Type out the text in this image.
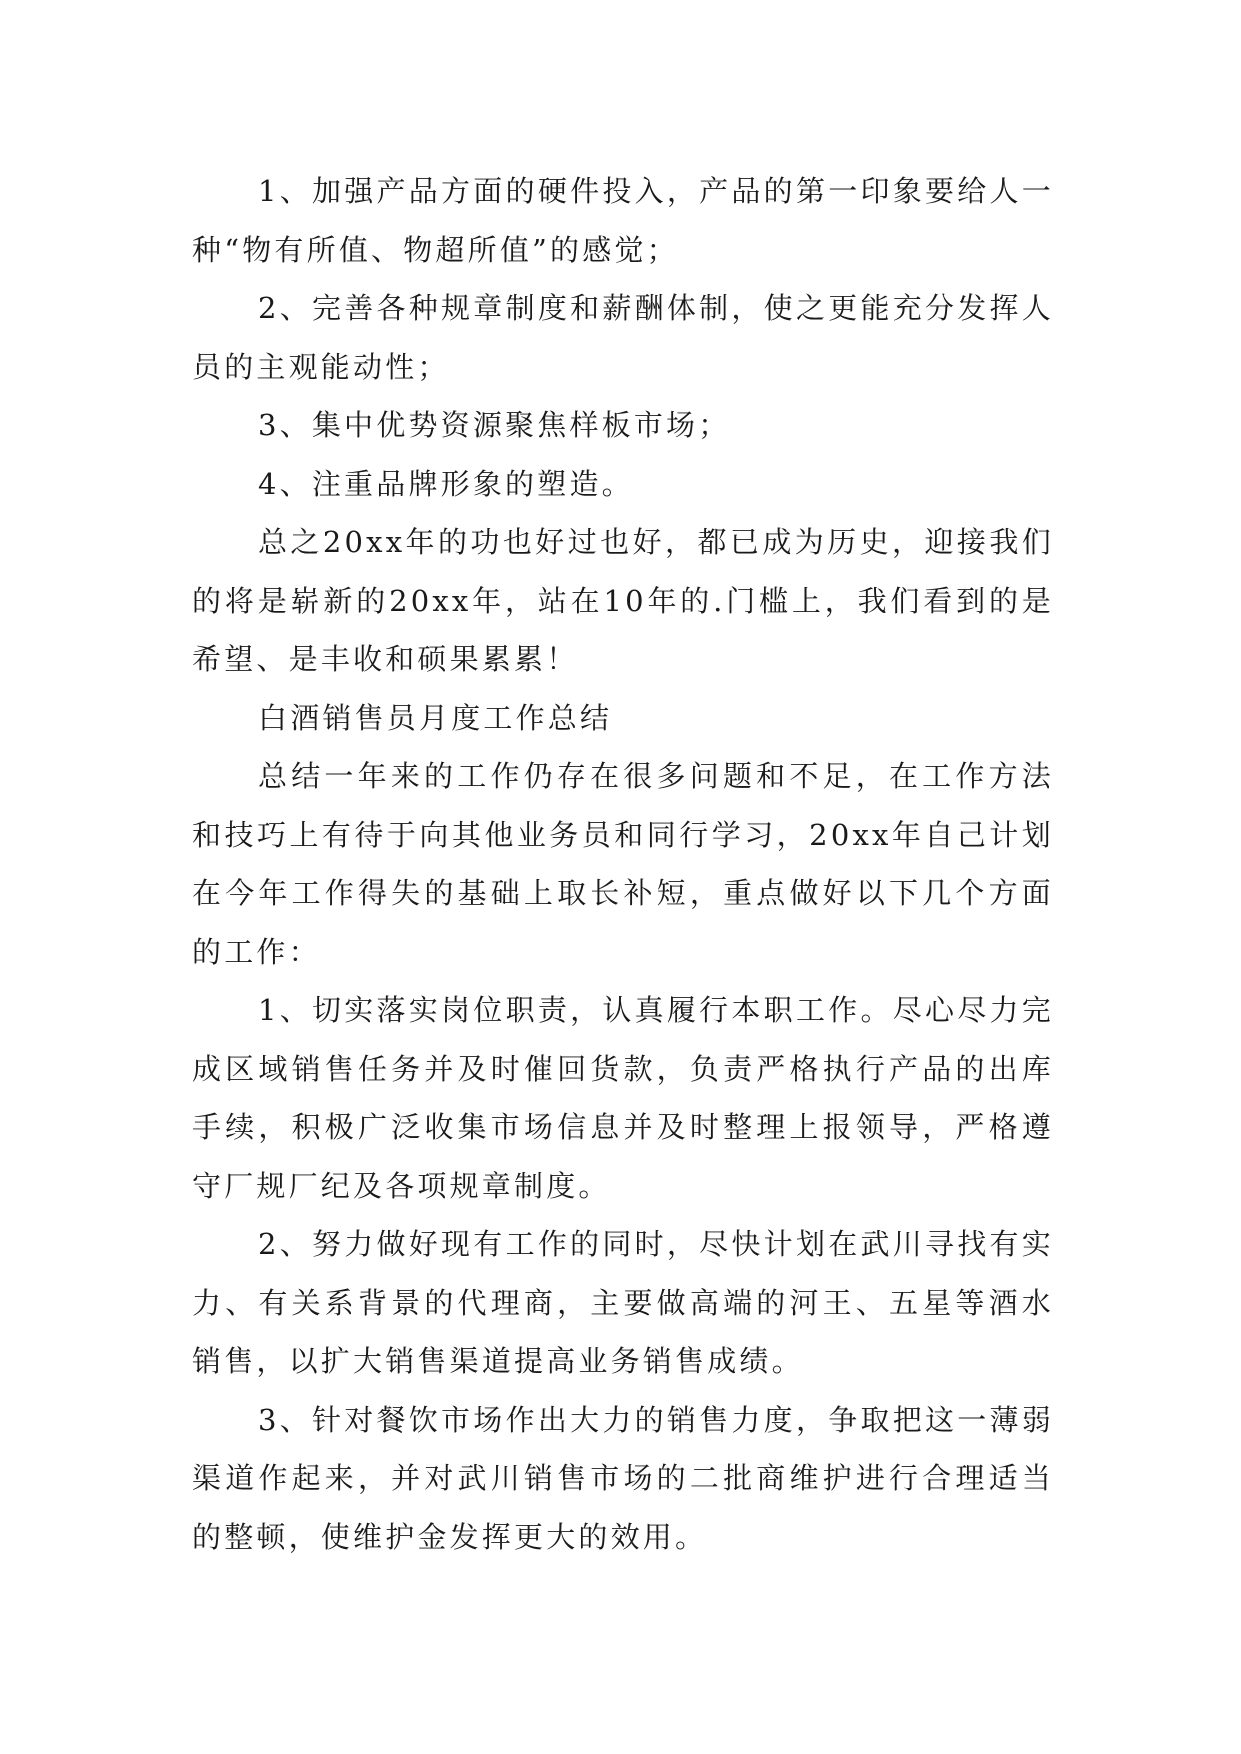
1、加强产品方面的硬件投入，产品的第一印象要给人一种“物有所值、物超所值”的感觉；

2、完善各种规章制度和薪酬体制，使之更能充分发挥人员的主观能动性；

3、集中优势资源聚焦样板市场；

4、注重品牌形象的塑造。

总之20xx年的功也好过也好，都已成为历史，迎接我们的将是崭新的20xx年，站在10年的.门槛上，我们看到的是希望、是丰收和硕果累累！

白酒销售员月度工作总结

总结一年来的工作仍存在很多问题和不足，在工作方法和技巧上有待于向其他业务员和同行学习，20xx年自己计划在今年工作得失的基础上取长补短，重点做好以下几个方面的工作：

1、切实落实岗位职责，认真履行本职工作。尽心尽力完成区域销售任务并及时催回货款，负责严格执行产品的出库手续，积极广泛收集市场信息并及时整理上报领导，严格遵守厂规厂纪及各项规章制度。

2、努力做好现有工作的同时，尽快计划在武川寻找有实力、有关系背景的代理商，主要做高端的河王、五星等酒水销售，以扩大销售渠道提高业务销售成绩。

3、针对餐饮市场作出大力的销售力度，争取把这一薄弱渠道作起来，并对武川销售市场的二批商维护进行合理适当的整顿，使维护金发挥更大的效用。
